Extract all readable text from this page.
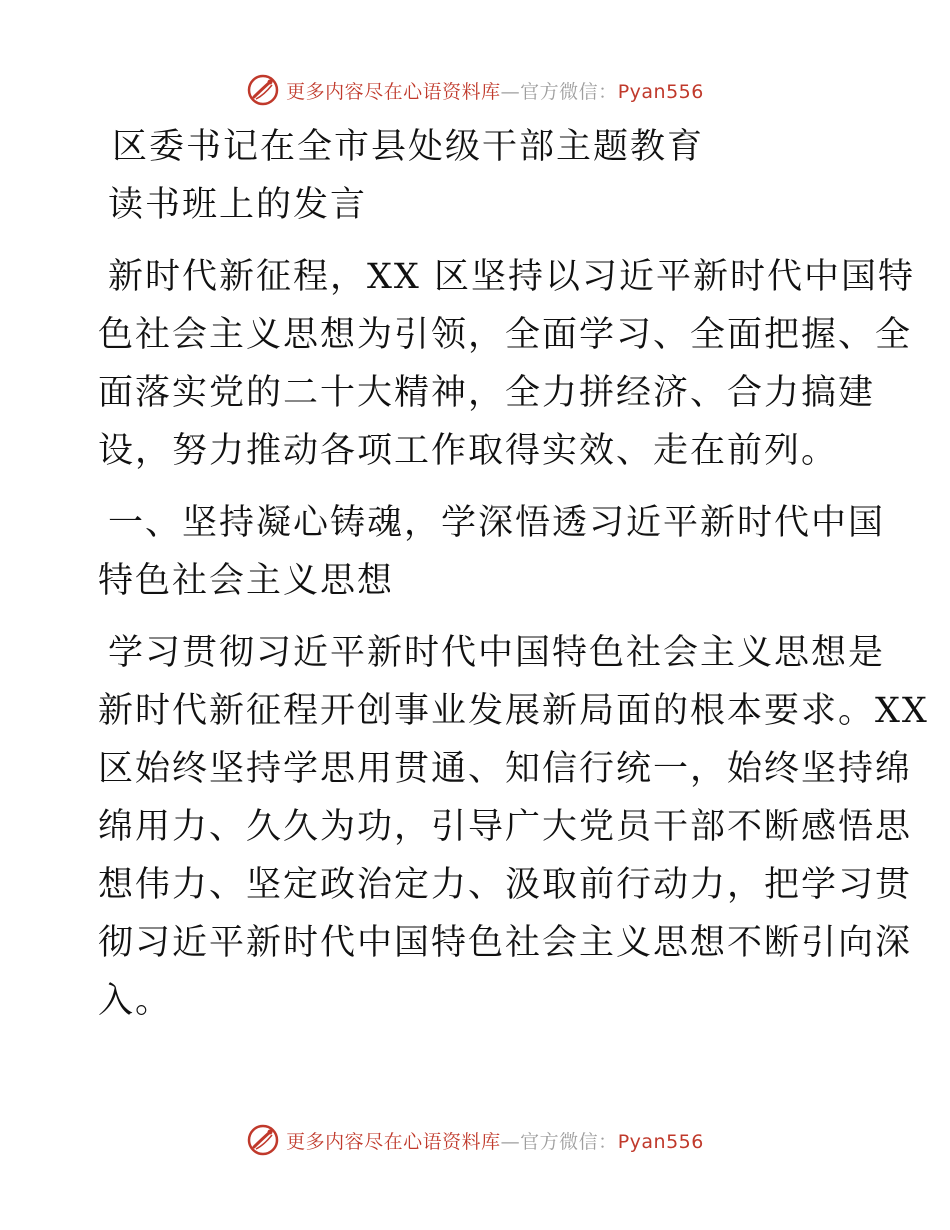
更多内容尽在心语资料库—官方微信：Pyan556
区委书记在全市县处级干部主题教育
读书班上的发言
新时代新征程，XX 区坚持以习近平新时代中国特
色社会主义思想为引领，全面学习、全面把握、全
面落实党的二十大精神，全力拼经济、合力搞建
设，努力推动各项工作取得实效、走在前列。
一、坚持凝心铸魂，学深悟透习近平新时代中国
特色社会主义思想
学习贯彻习近平新时代中国特色社会主义思想是
新时代新征程开创事业发展新局面的根本要求。XX
区始终坚持学思用贯通、知信行统一，始终坚持绵
绵用力、久久为功，引导广大党员干部不断感悟思
想伟力、坚定政治定力、汲取前行动力，把学习贯
彻习近平新时代中国特色社会主义思想不断引向深
入。
更多内容尽在心语资料库—官方微信：Pyan556
